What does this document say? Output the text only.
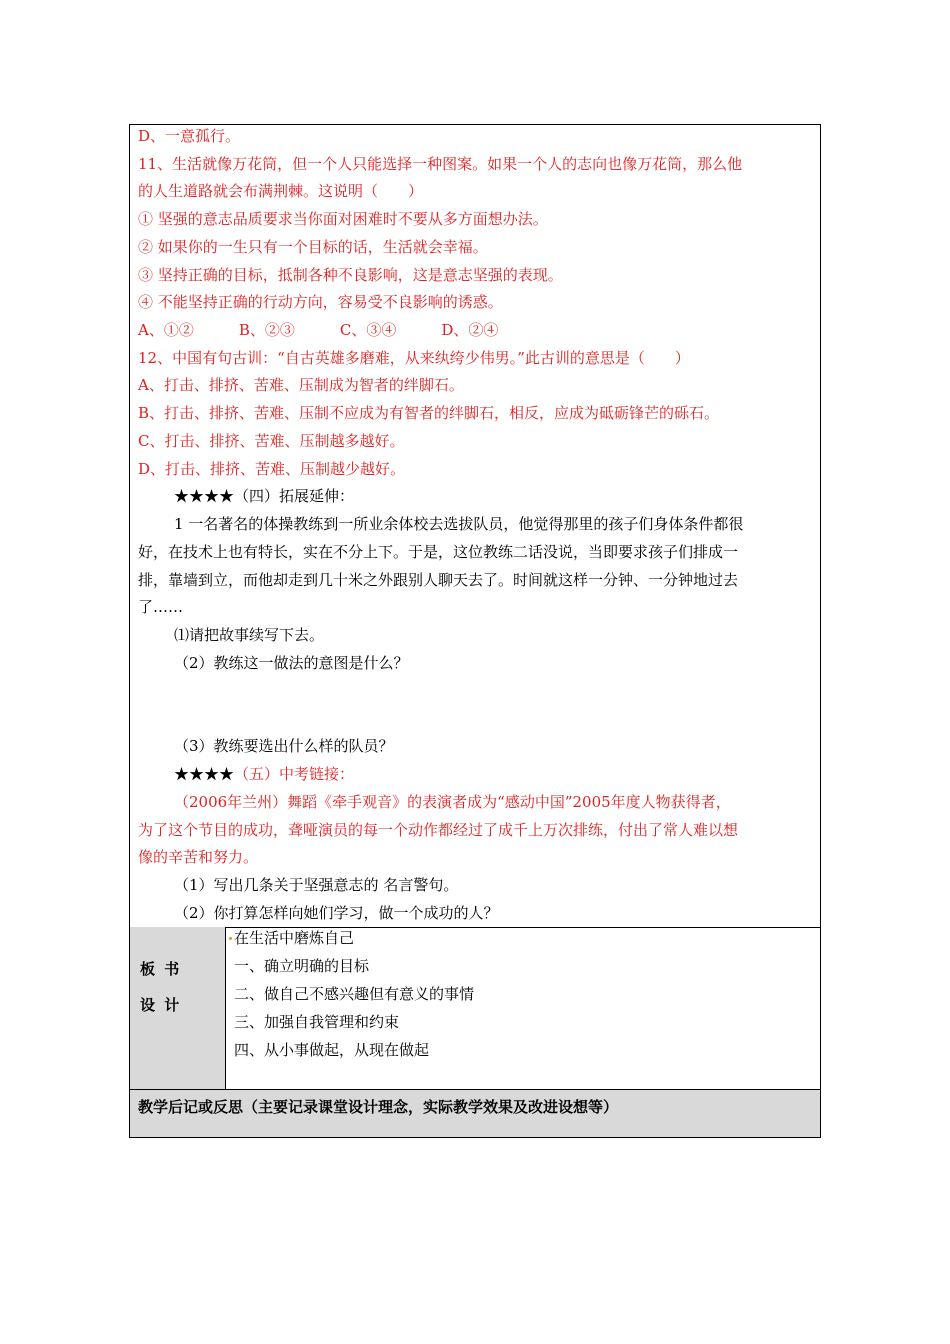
D、一意孤行。
11、生活就像万花筒，但一个人只能选择一种图案。如果一个人的志向也像万花筒，那么他
的人生道路就会布满荆棘。这说明（　　）
① 坚强的意志品质要求当你面对困难时不要从多方面想办法。
② 如果你的一生只有一个目标的话，生活就会幸福。
③ 坚持正确的目标，抵制各种不良影响，这是意志坚强的表现。
④ 不能坚持正确的行动方向，容易受不良影响的诱惑。
A、①②　　　B、②③　　　C、③④　　　D、②④
12、中国有句古训：“自古英雄多磨难，从来纨绔少伟男。”此古训的意思是（　　）
A、打击、排挤、苦难、压制成为智者的绊脚石。
B、打击、排挤、苦难、压制不应成为有智者的绊脚石，相反，应成为砥砺锋芒的砾石。
C、打击、排挤、苦难、压制越多越好。
D、打击、排挤、苦难、压制越少越好。
★★★★（四）拓展延伸：
1 一名著名的体操教练到一所业余体校去选拔队员，他觉得那里的孩子们身体条件都很
好，在技术上也有特长，实在不分上下。于是，这位教练二话没说，当即要求孩子们排成一
排，靠墙到立，而他却走到几十米之外跟别人聊天去了。时间就这样一分钟、一分钟地过去
了……
⑴请把故事续写下去。
（2）教练这一做法的意图是什么？
（3）教练要选出什么样的队员？
★★★★（五）中考链接：
（2006年兰州）舞蹈《牵手观音》的表演者成为“感动中国”2005年度人物获得者，
为了这个节目的成功，聋哑演员的每一个动作都经过了成千上万次排练，付出了常人难以想
像的辛苦和努力。
（1）写出几条关于坚强意志的 名言警句。
（2）你打算怎样向她们学习，做一个成功的人？
板 书
设 计
在生活中磨炼自己
一、确立明确的目标
二、做自己不感兴趣但有意义的事情
三、加强自我管理和约束
四、从小事做起，从现在做起
教学后记或反思（主要记录课堂设计理念，实际教学效果及改进设想等）
